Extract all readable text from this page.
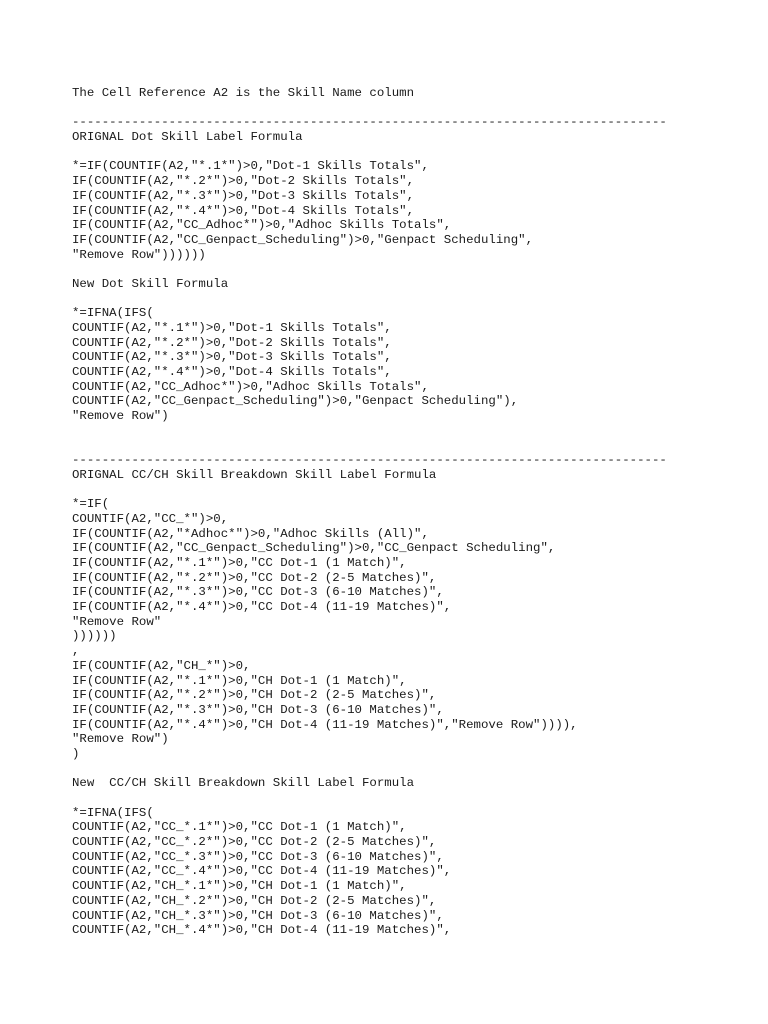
The Cell Reference A2 is the Skill Name column
--------------------------------------------------------------------------------
ORIGNAL Dot Skill Label Formula
*=IF(COUNTIF(A2,"*.1*")>0,"Dot-1 Skills Totals",
IF(COUNTIF(A2,"*.2*")>0,"Dot-2 Skills Totals",
IF(COUNTIF(A2,"*.3*")>0,"Dot-3 Skills Totals",
IF(COUNTIF(A2,"*.4*")>0,"Dot-4 Skills Totals",
IF(COUNTIF(A2,"CC_Adhoc*")>0,"Adhoc Skills Totals",
IF(COUNTIF(A2,"CC_Genpact_Scheduling")>0,"Genpact Scheduling",
"Remove Row"))))))
New Dot Skill Formula
*=IFNA(IFS(
COUNTIF(A2,"*.1*")>0,"Dot-1 Skills Totals",
COUNTIF(A2,"*.2*")>0,"Dot-2 Skills Totals",
COUNTIF(A2,"*.3*")>0,"Dot-3 Skills Totals",
COUNTIF(A2,"*.4*")>0,"Dot-4 Skills Totals",
COUNTIF(A2,"CC_Adhoc*")>0,"Adhoc Skills Totals",
COUNTIF(A2,"CC_Genpact_Scheduling")>0,"Genpact Scheduling"),
"Remove Row")
--------------------------------------------------------------------------------
ORIGNAL CC/CH Skill Breakdown Skill Label Formula
*=IF(
COUNTIF(A2,"CC_*")>0,
IF(COUNTIF(A2,"*Adhoc*")>0,"Adhoc Skills (All)",
IF(COUNTIF(A2,"CC_Genpact_Scheduling")>0,"CC_Genpact Scheduling",
IF(COUNTIF(A2,"*.1*")>0,"CC Dot-1 (1 Match)",
IF(COUNTIF(A2,"*.2*")>0,"CC Dot-2 (2-5 Matches)",
IF(COUNTIF(A2,"*.3*")>0,"CC Dot-3 (6-10 Matches)",
IF(COUNTIF(A2,"*.4*")>0,"CC Dot-4 (11-19 Matches)",
"Remove Row"
))))))
,
IF(COUNTIF(A2,"CH_*")>0,
IF(COUNTIF(A2,"*.1*")>0,"CH Dot-1 (1 Match)",
IF(COUNTIF(A2,"*.2*")>0,"CH Dot-2 (2-5 Matches)",
IF(COUNTIF(A2,"*.3*")>0,"CH Dot-3 (6-10 Matches)",
IF(COUNTIF(A2,"*.4*")>0,"CH Dot-4 (11-19 Matches)","Remove Row")))),
"Remove Row")
)
New  CC/CH Skill Breakdown Skill Label Formula
*=IFNA(IFS(
COUNTIF(A2,"CC_*.1*")>0,"CC Dot-1 (1 Match)",
COUNTIF(A2,"CC_*.2*")>0,"CC Dot-2 (2-5 Matches)",
COUNTIF(A2,"CC_*.3*")>0,"CC Dot-3 (6-10 Matches)",
COUNTIF(A2,"CC_*.4*")>0,"CC Dot-4 (11-19 Matches)",
COUNTIF(A2,"CH_*.1*")>0,"CH Dot-1 (1 Match)",
COUNTIF(A2,"CH_*.2*")>0,"CH Dot-2 (2-5 Matches)",
COUNTIF(A2,"CH_*.3*")>0,"CH Dot-3 (6-10 Matches)",
COUNTIF(A2,"CH_*.4*")>0,"CH Dot-4 (11-19 Matches)",
